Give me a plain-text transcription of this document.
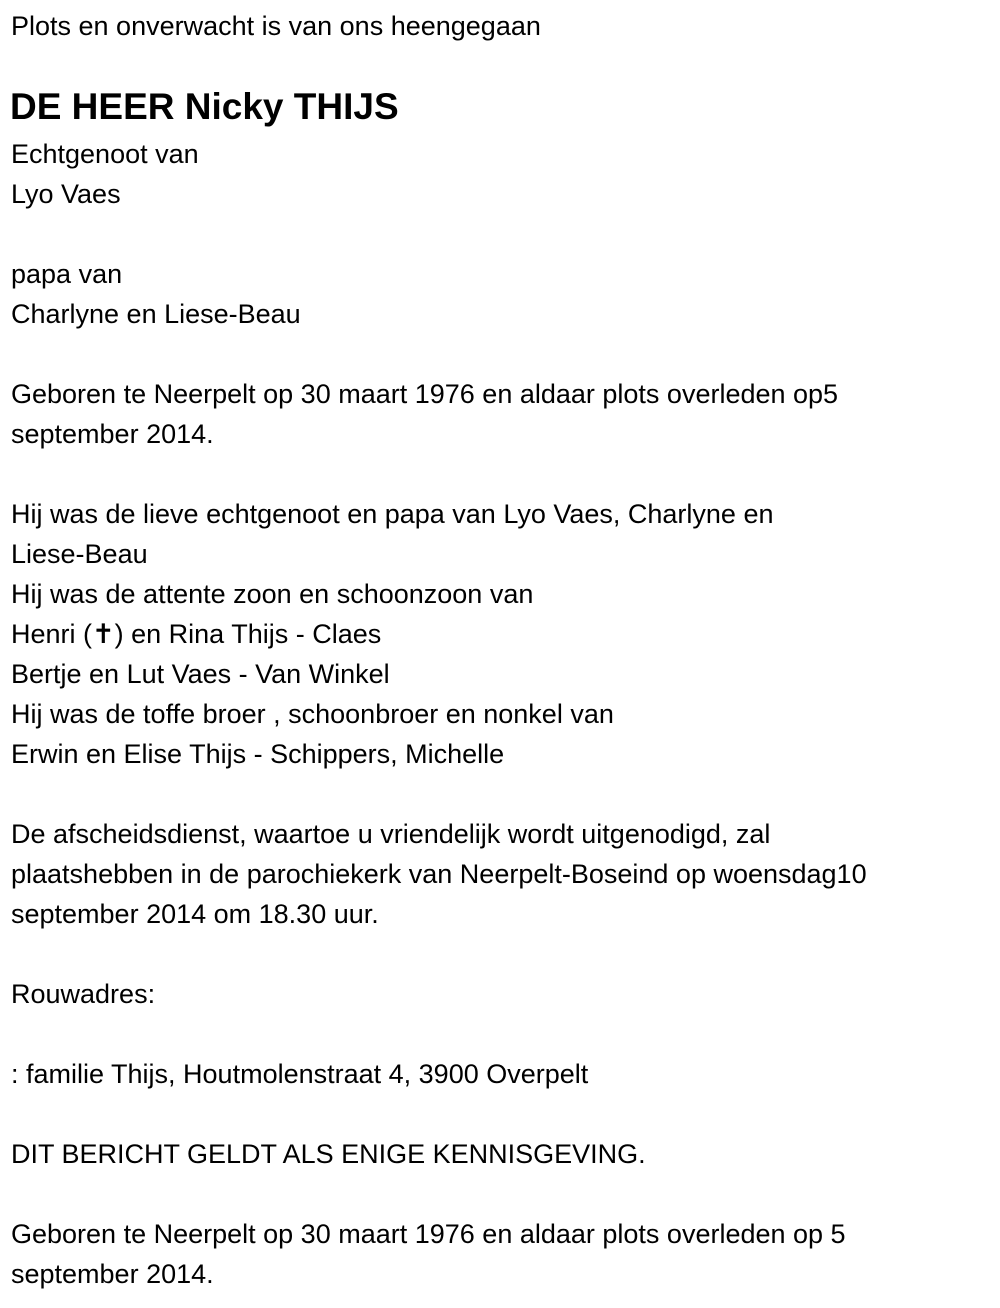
Plots en onverwacht is van ons heengegaan
DE HEER Nicky THIJS
Echtgenoot van
Lyo Vaes
papa van
Charlyne en Liese-Beau
Geboren te Neerpelt op 30 maart 1976 en aldaar plots overleden op5
september 2014.
Hij was de lieve echtgenoot en papa van Lyo Vaes, Charlyne en
Liese-Beau
Hij was de attente zoon en schoonzoon van
Henri (✝) en Rina Thijs - Claes
Bertje en Lut Vaes - Van Winkel
Hij was de toffe broer , schoonbroer en nonkel van
Erwin en Elise Thijs - Schippers, Michelle
De afscheidsdienst, waartoe u vriendelijk wordt uitgenodigd, zal
plaatshebben in de parochiekerk van Neerpelt-Boseind op woensdag10
september 2014 om 18.30 uur.
Rouwadres:
: familie Thijs, Houtmolenstraat 4, 3900 Overpelt
DIT BERICHT GELDT ALS ENIGE KENNISGEVING.
Geboren te Neerpelt op 30 maart 1976 en aldaar plots overleden op 5
september 2014.
